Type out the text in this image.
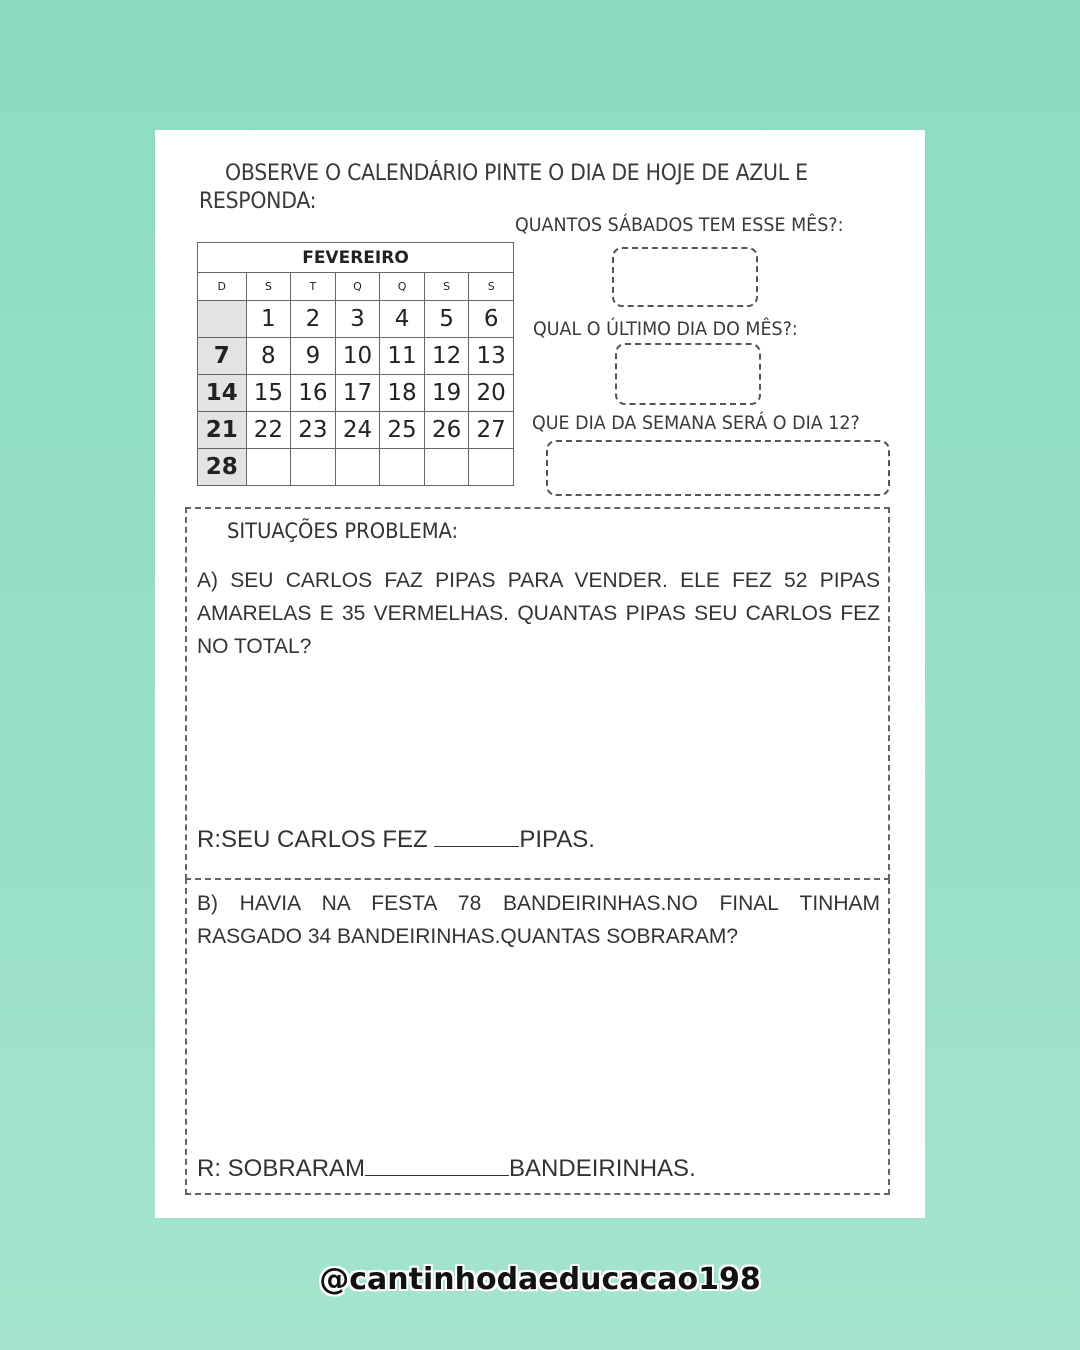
OBSERVE O CALENDÁRIO PINTE O DIA DE HOJE DE AZUL E
RESPONDA:
FEVEREIRO						
D	S	T	Q	Q	S	S
	1	2	3	4	5	6
7	8	9	10	11	12	13
14	15	16	17	18	19	20
21	22	23	24	25	26	27
28						
QUANTOS SÁBADOS TEM ESSE MÊS?:
QUAL O ÚLTIMO DIA DO MÊS?:
QUE DIA DA SEMANA SERÁ O DIA 12?
SITUAÇÕES PROBLEMA:
A) SEU CARLOS FAZ PIPAS PARA VENDER. ELE FEZ 52 PIPAS AMARELAS E 35 VERMELHAS. QUANTAS PIPAS SEU CARLOS FEZ NO TOTAL?
R:SEU CARLOS FEZ	PIPAS.
B) HAVIA NA FESTA 78 BANDEIRINHAS.NO FINAL TINHAM RASGADO 34 BANDEIRINHAS.QUANTAS SOBRARAM?
R: SOBRARAM	BANDEIRINHAS.
@cantinhodaeducacao198
